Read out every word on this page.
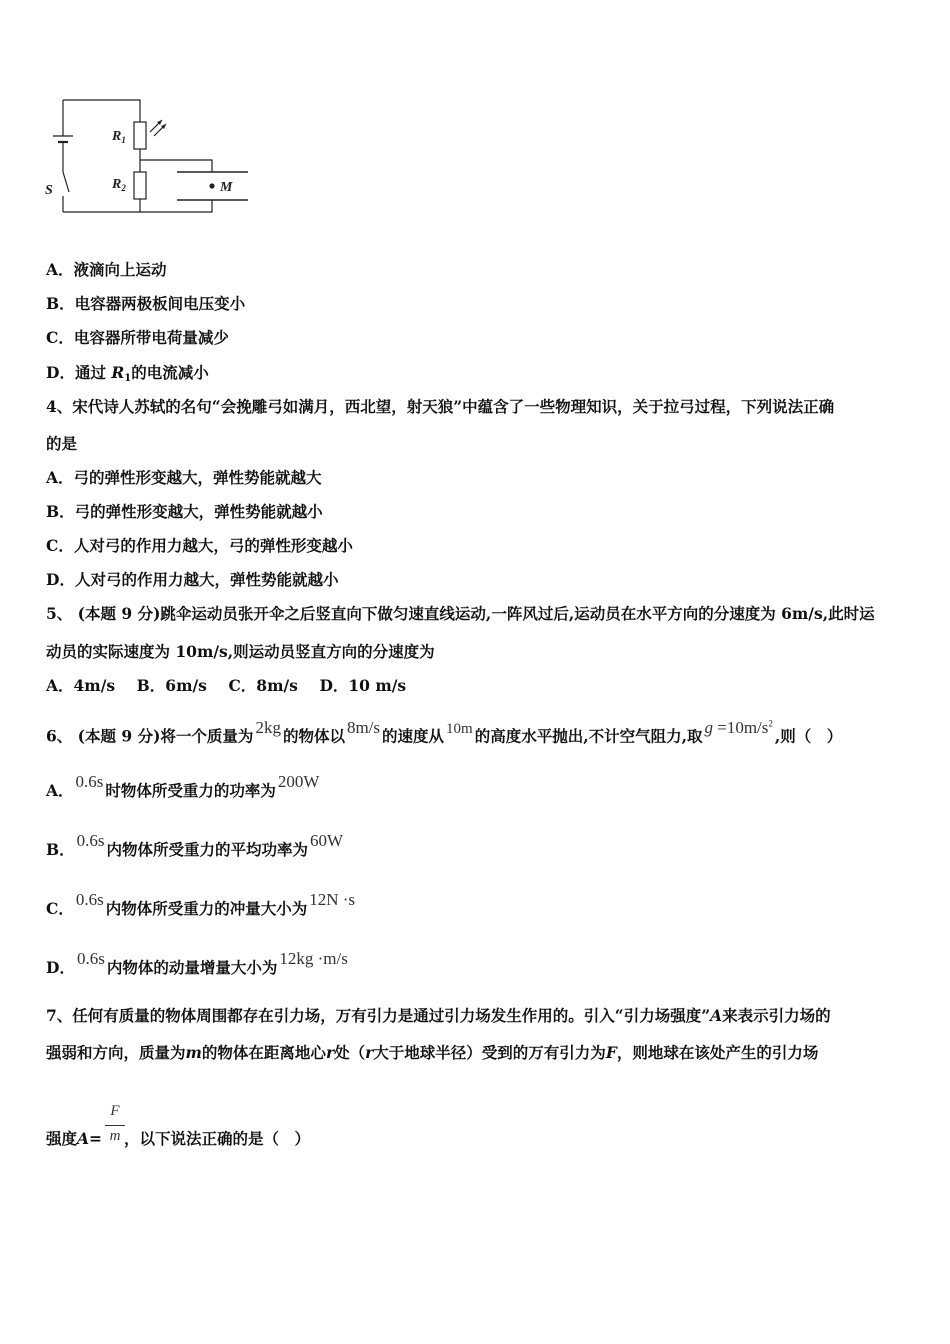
$R_1$
$R_2$
S	M
A．液滴向上运动
B．电容器两极板间电压变小
C．电容器所带电荷量减少
D．通过 $R_1$的电流减小
4、宋代诗人苏轼的名句“会挽雕弓如满月，西北望，射天狼”中蕴含了一些物理知识，关于拉弓过程，下列说法正确
的是
A．弓的弹性形变越大，弹性势能就越大
B．弓的弹性形变越大，弹性势能就越小
C．人对弓的作用力越大，弓的弹性形变越小
D．人对弓的作用力越大，弹性势能就越小
5、 (本题 9 分)跳伞运动员张开伞之后竖直向下做匀速直线运动,一阵风过后,运动员在水平方向的分速度为 6m/s,此时运
动员的实际速度为 10m/s,则运动员竖直方向的分速度为
A．4m/s    B．6m/s    C．8m/s    D．10 m/s
6、 (本题 9 分)将一个质量为 2kg 的物体以 8m/s 的速度从 10m 的高度水平抛出,不计空气阻力,取 $g =10m/s^2$,则（　）
A． 0.6s 时物体所受重力的功率为 200W
B． 0.6s 内物体所受重力的平均功率为 60W
C． 0.6s 内物体所受重力的冲量大小为 12N ·s
D． 0.6s 内物体的动量增量大小为 12kg ·m/s
7、任何有质量的物体周围都存在引力场，万有引力是通过引力场发生作用的。引入“引力场强度”A来表示引力场的
强弱和方向，质量为m的物体在距离地心r处（r大于地球半径）受到的万有引力为F，则地球在该处产生的引力场
强度A= ，以下说法正确的是（　）
F
m
